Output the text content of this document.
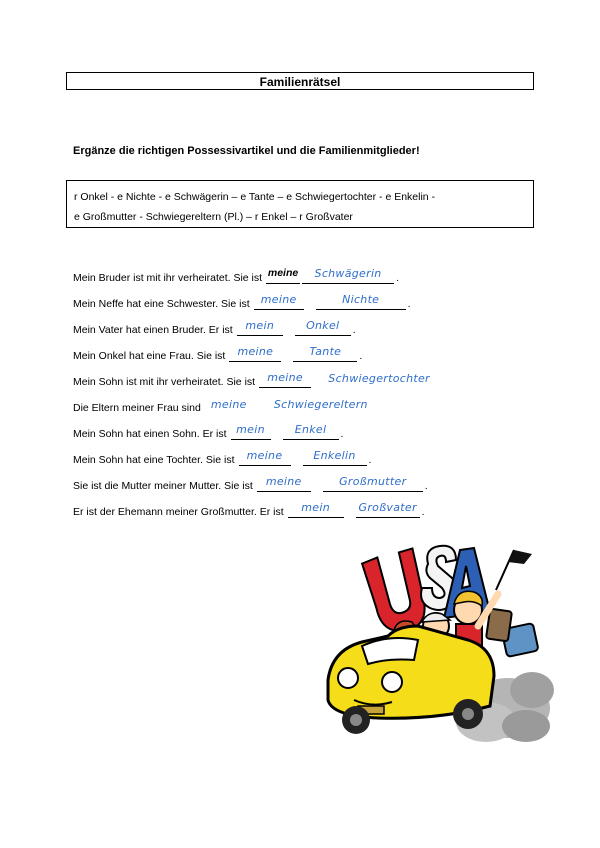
Familienrätsel
Ergänze die richtigen Possessivartikel und die Familienmitglieder!
r Onkel - e Nichte - e Schwägerin – e Tante – e Schwiegertochter - e Enkelin -
e Großmutter - Schwiegereltern (Pl.) – r Enkel – r Großvater
Mein Bruder ist mit ihr verheiratet. Sie ist meine	Schwägerin	.
Mein Neffe hat eine Schwester. Sie ist	meine	Nichte	.
Mein Vater hat einen Bruder. Er ist	mein	Onkel	.
Mein Onkel hat eine Frau. Sie ist	meine	Tante	.
Mein Sohn ist mit ihr verheiratet. Sie ist	meine	Schwiegertochter
Die Eltern meiner Frau sind meine	Schwiegereltern
Mein Sohn hat einen Sohn. Er ist mein	Enkel	.
Mein Sohn hat eine Tochter. Sie ist	meine	Enkelin	.
Sie ist die Mutter meiner Mutter. Sie ist	meine	Großmutter	.
Er ist der Ehemann meiner Großmutter. Er ist	mein	Großvater .
